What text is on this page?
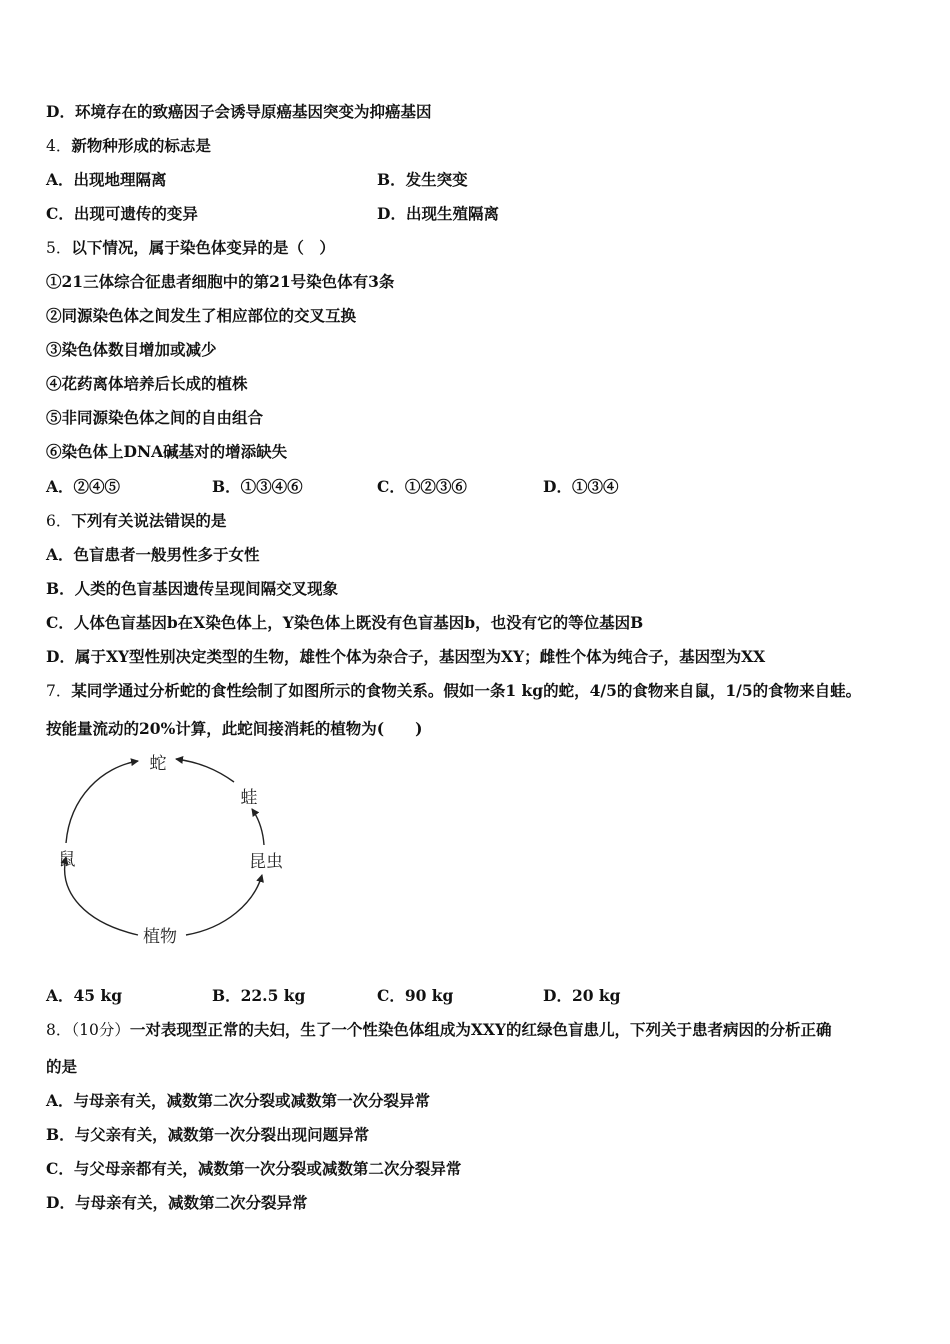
D．环境存在的致癌因子会诱导原癌基因突变为抑癌基因
4．新物种形成的标志是
A．出现地理隔离	B．发生突变
C．出现可遗传的变异	D．出现生殖隔离
5．以下情况，属于染色体变异的是（　）
①21三体综合征患者细胞中的第21号染色体有3条
②同源染色体之间发生了相应部位的交叉互换
③染色体数目增加或减少
④花药离体培养后长成的植株
⑤非同源染色体之间的自由组合
⑥染色体上DNA碱基对的增添缺失
A．②④⑤	B．①③④⑥	C．①②③⑥	D．①③④
6．下列有关说法错误的是
A．色盲患者一般男性多于女性
B．人类的色盲基因遗传呈现间隔交叉现象
C．人体色盲基因b在X染色体上，Y染色体上既没有色盲基因b，也没有它的等位基因B
D．属于XY型性别决定类型的生物，雄性个体为杂合子，基因型为XY；雌性个体为纯合子，基因型为XX
7．某同学通过分析蛇的食性绘制了如图所示的食物关系。假如一条1 kg的蛇，4/5的食物来自鼠，1/5的食物来自蛙。
按能量流动的20%计算，此蛇间接消耗的植物为(　　)
蛇
蛙
鼠	昆虫
植物
A．45 kg	B．22.5 kg	C．90 kg	D．20 kg
8．（10分）一对表现型正常的夫妇，生了一个性染色体组成为XXY的红绿色盲患儿，下列关于患者病因的分析正确
的是
A．与母亲有关，减数第二次分裂或减数第一次分裂异常
B．与父亲有关，减数第一次分裂出现问题异常
C．与父母亲都有关，减数第一次分裂或减数第二次分裂异常
D．与母亲有关，减数第二次分裂异常
